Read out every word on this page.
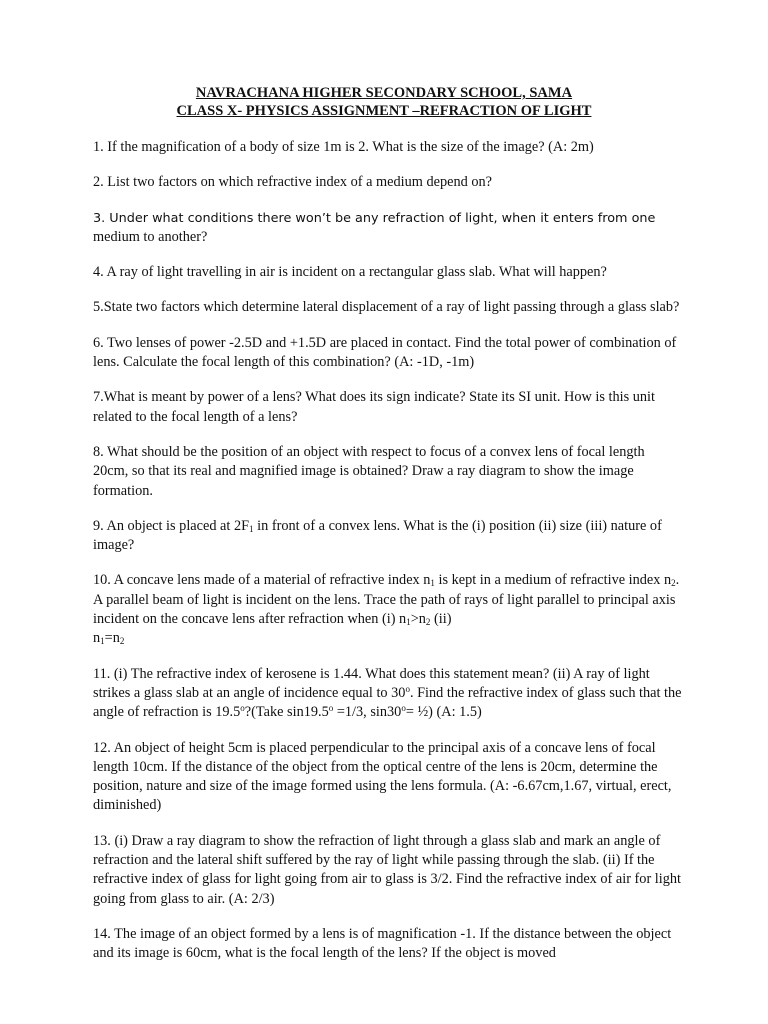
NAVRACHANA HIGHER SECONDARY SCHOOL, SAMA
CLASS X- PHYSICS ASSIGNMENT –REFRACTION OF LIGHT

1. If the magnification of a body of size 1m is 2. What is the size of the image? (A: 2m)

2. List two factors on which refractive index of a medium depend on?

3. Under what conditions there won’t be any refraction of light, when it enters from one
medium to another?

4. A ray of light travelling in air is incident on a rectangular glass slab. What will happen?

5.State two factors which determine lateral displacement of a ray of light passing through a glass slab?

6. Two lenses of power -2.5D and +1.5D are placed in contact. Find the total power of combination of lens. Calculate the focal length of this combination? (A: -1D, -1m)

7.What is meant by power of a lens? What does its sign indicate? State its SI unit. How is this unit related to the focal length of a lens?

8. What should be the position of an object with respect to focus of a convex lens of focal length 20cm, so that its real and magnified image is obtained? Draw a ray diagram to show the image formation.

9. An object is placed at $2F_1$ in front of a convex lens. What is the (i) position (ii) size (iii) nature of image?

10. A concave lens made of a material of refractive index $n_1$ is kept in a medium of refractive index $n_2$. A parallel beam of light is incident on the lens. Trace the path of rays of light parallel to principal axis incident on the concave lens after refraction when (i) $n_1>n_2$ (ii)
$n_1=n_2$

11. (i) The refractive index of kerosene is 1.44. What does this statement mean? (ii) A ray of light strikes a glass slab at an angle of incidence equal to 30$^o$. Find the refractive index of glass such that the angle of refraction is 19.5$^o$?(Take $\sin 19.5^o =1/3$, $\sin 30^o=$ ½) (A: 1.5)

12. An object of height 5cm is placed perpendicular to the principal axis of a concave lens of focal length 10cm. If the distance of the object from the optical centre of the lens is 20cm, determine the position, nature and size of the image formed using the lens formula. (A: -6.67cm,1.67, virtual, erect, diminished)

13. (i) Draw a ray diagram to show the refraction of light through a glass slab and mark an angle of refraction and the lateral shift suffered by the ray of light while passing through the slab. (ii) If the refractive index of glass for light going from air to glass is 3/2. Find the refractive index of air for light going from glass to air. (A: 2/3)

14. The image of an object formed by a lens is of magnification -1. If the distance between the object and its image is 60cm, what is the focal length of the lens? If the object is moved
